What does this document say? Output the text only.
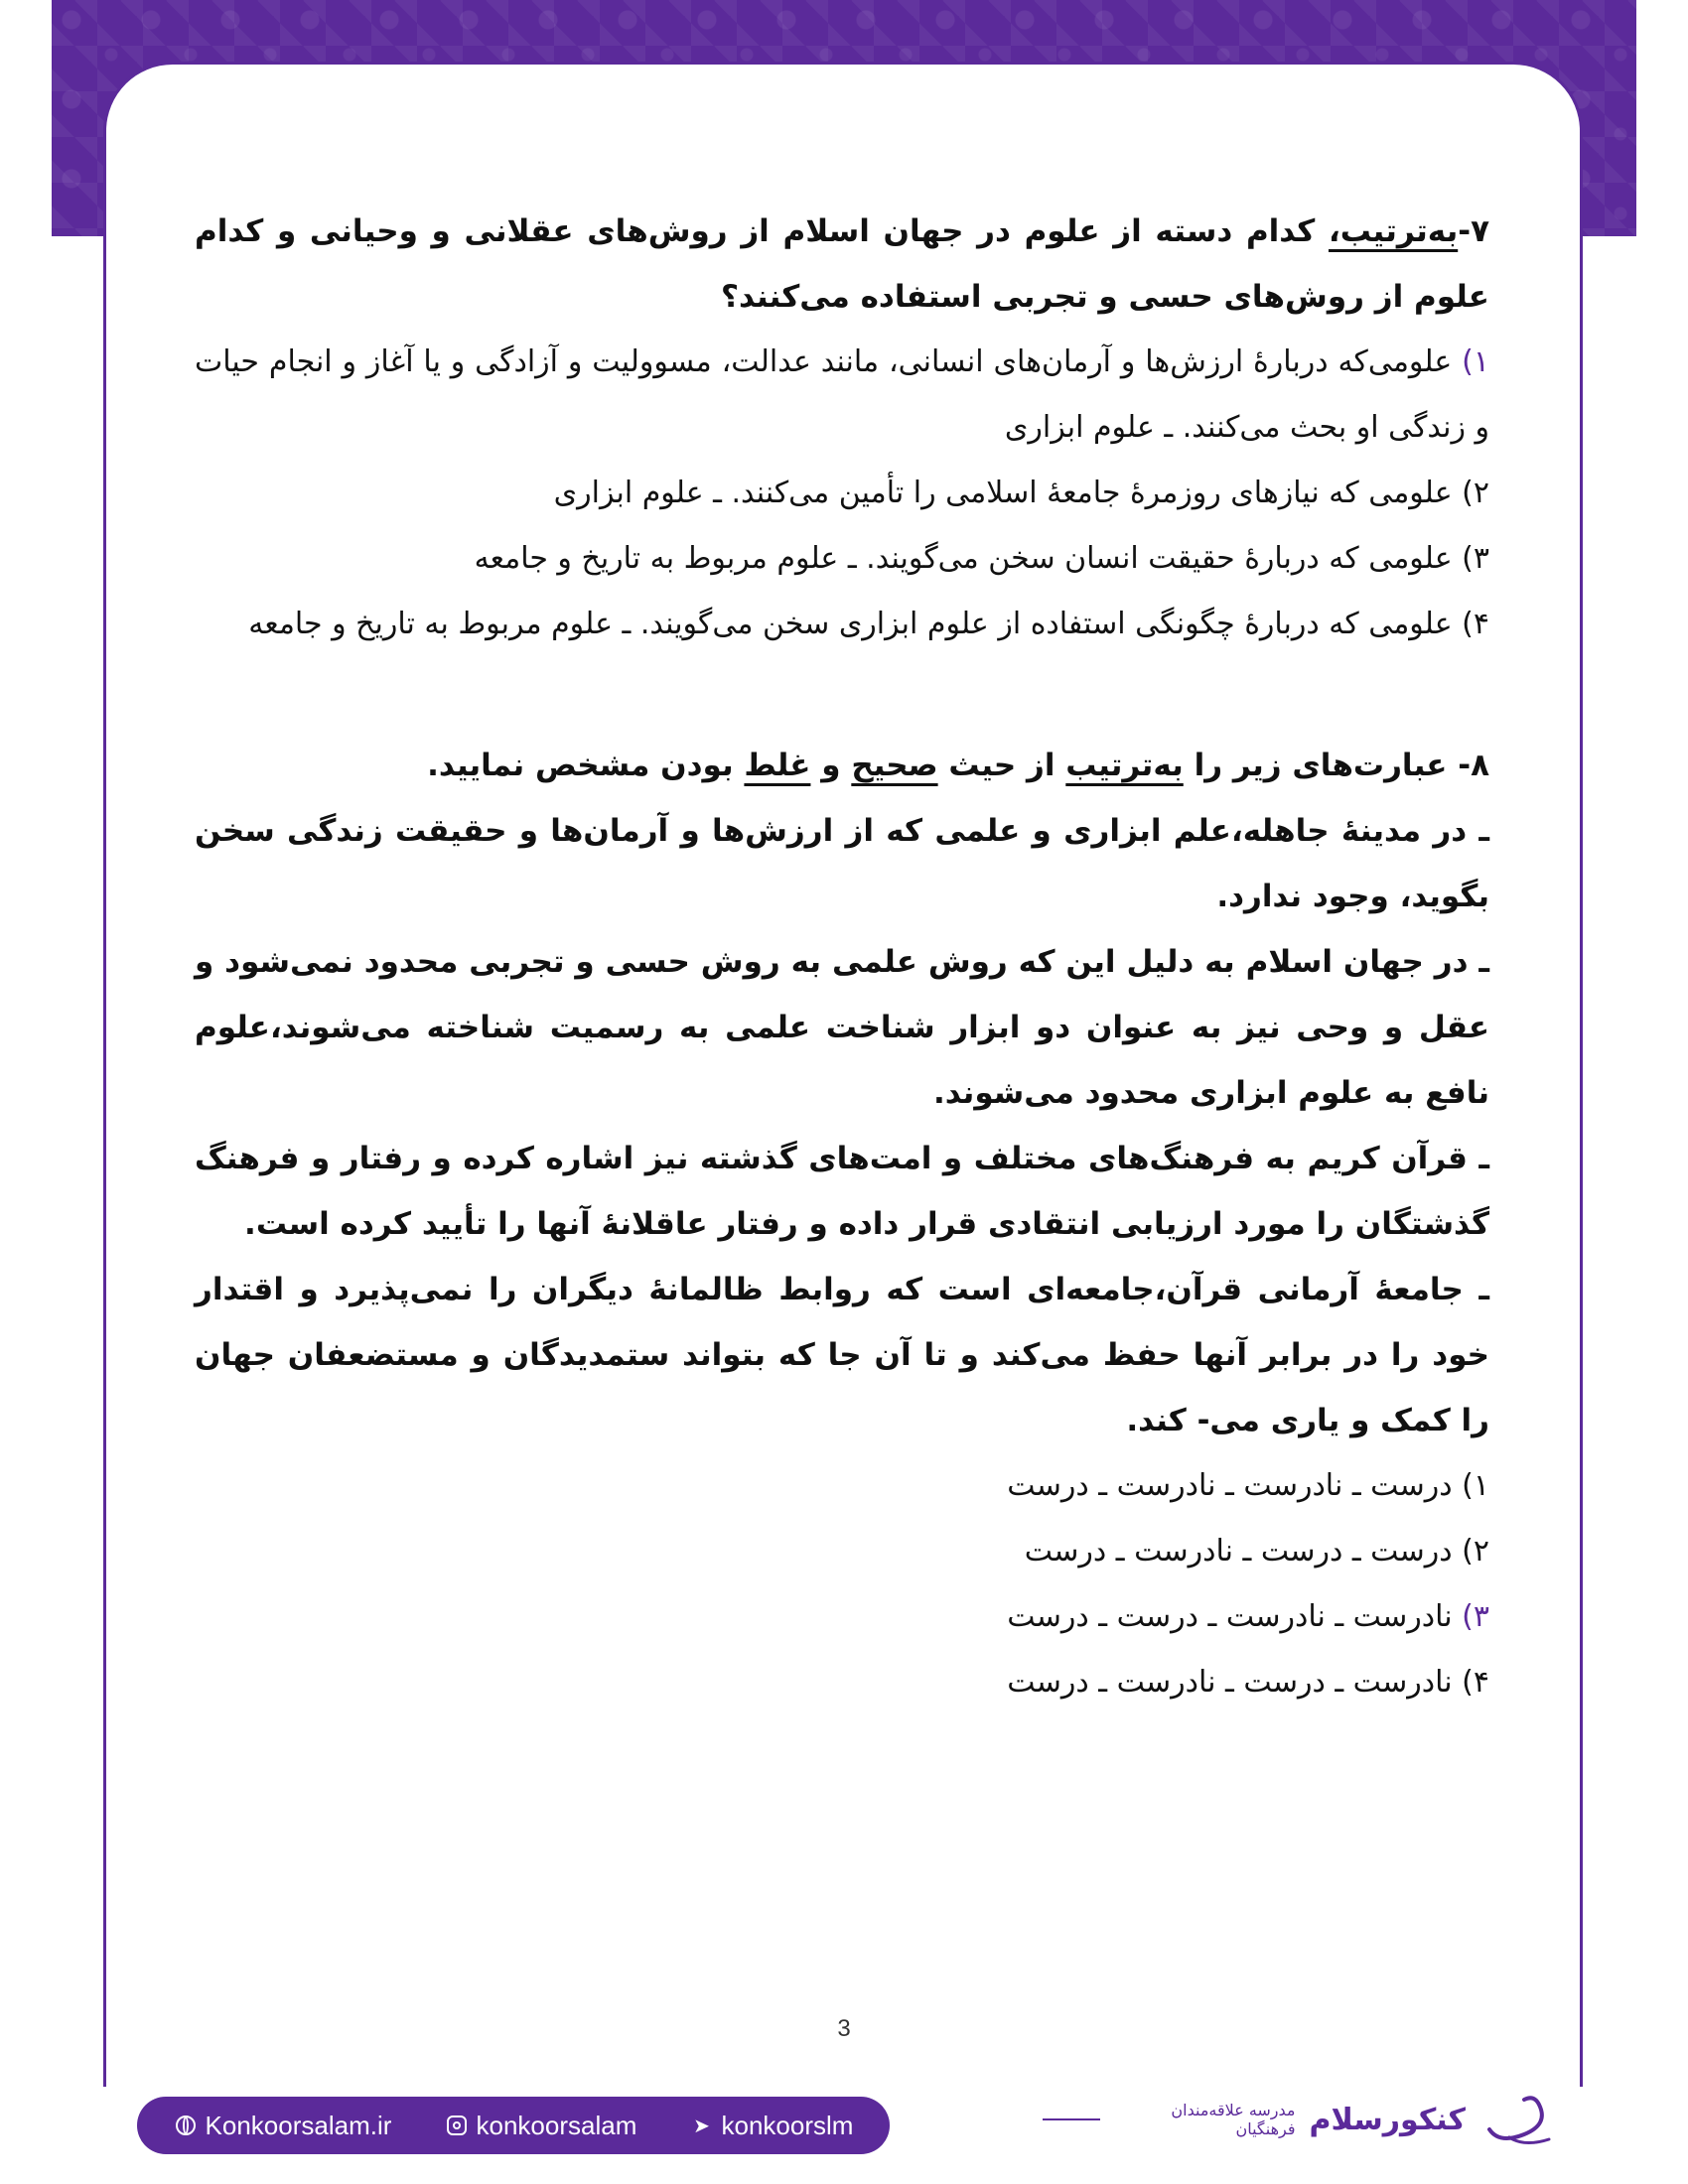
۷-به‌ترتیب، کدام دسته از علوم در جهان اسلام از روش‌های عقلانی و وحیانی و کدام علوم از روش‌های حسی و تجربی استفاده می‌کنند؟

۱) علومی‌که دربارۀ ارزش‌ها و آرمان‌های انسانی، مانند عدالت، مسوولیت و آزادگی و یا آغاز و انجام حیات و زندگی او بحث می‌کنند. ـ علوم ابزاری

۲) علومی که نیازهای روزمرۀ جامعۀ اسلامی را تأمین می‌کنند. ـ علوم ابزاری

۳) علومی که دربارۀ حقیقت انسان سخن می‌گویند. ـ علوم مربوط به تاریخ و جامعه

۴) علومی که دربارۀ چگونگی استفاده از علوم ابزاری سخن می‌گویند. ـ علوم مربوط به تاریخ و جامعه

۸- عبارت‌های زیر را به‌ترتیب از حیث صحیح و غلط بودن مشخص نمایید.

ـ در مدینۀ جاهله،علم ابزاری و علمی که از ارزش‌ها و آرمان‌ها و حقیقت زندگی سخن بگوید، وجود ندارد.

ـ در جهان اسلام به دلیل این که روش علمی به روش حسی و تجربی محدود نمی‌شود و عقل و وحی نیز به عنوان دو ابزار شناخت علمی به رسمیت شناخته می‌شوند،علوم نافع به علوم ابزاری محدود می‌شوند.

ـ قرآن کریم به فرهنگ‌های مختلف و امت‌های گذشته نیز اشاره کرده و رفتار و فرهنگ گذشتگان را مورد ارزیابی انتقادی قرار داده و رفتار عاقلانۀ آنها را تأیید کرده است.

ـ جامعۀ آرمانی قرآن،جامعه‌ای است که روابط ظالمانۀ دیگران را نمی‌پذیرد و اقتدار خود را در برابر آنها حفظ می‌کند و تا آن جا که بتواند ستمدیدگان و مستضعفان جهان را کمک و یاری می- کند.

۱) درست ـ نادرست ـ نادرست ـ درست

۲) درست ـ درست ـ نادرست ـ درست

۳) نادرست ـ نادرست ـ درست ـ درست

۴) نادرست ـ درست ـ نادرست ـ درست

3
Konkoorsalam.ir	konkoorsalam	➤ konkoorslm	کنکورسلام
مدرسه علاقه‌مندان فرهنگیان
